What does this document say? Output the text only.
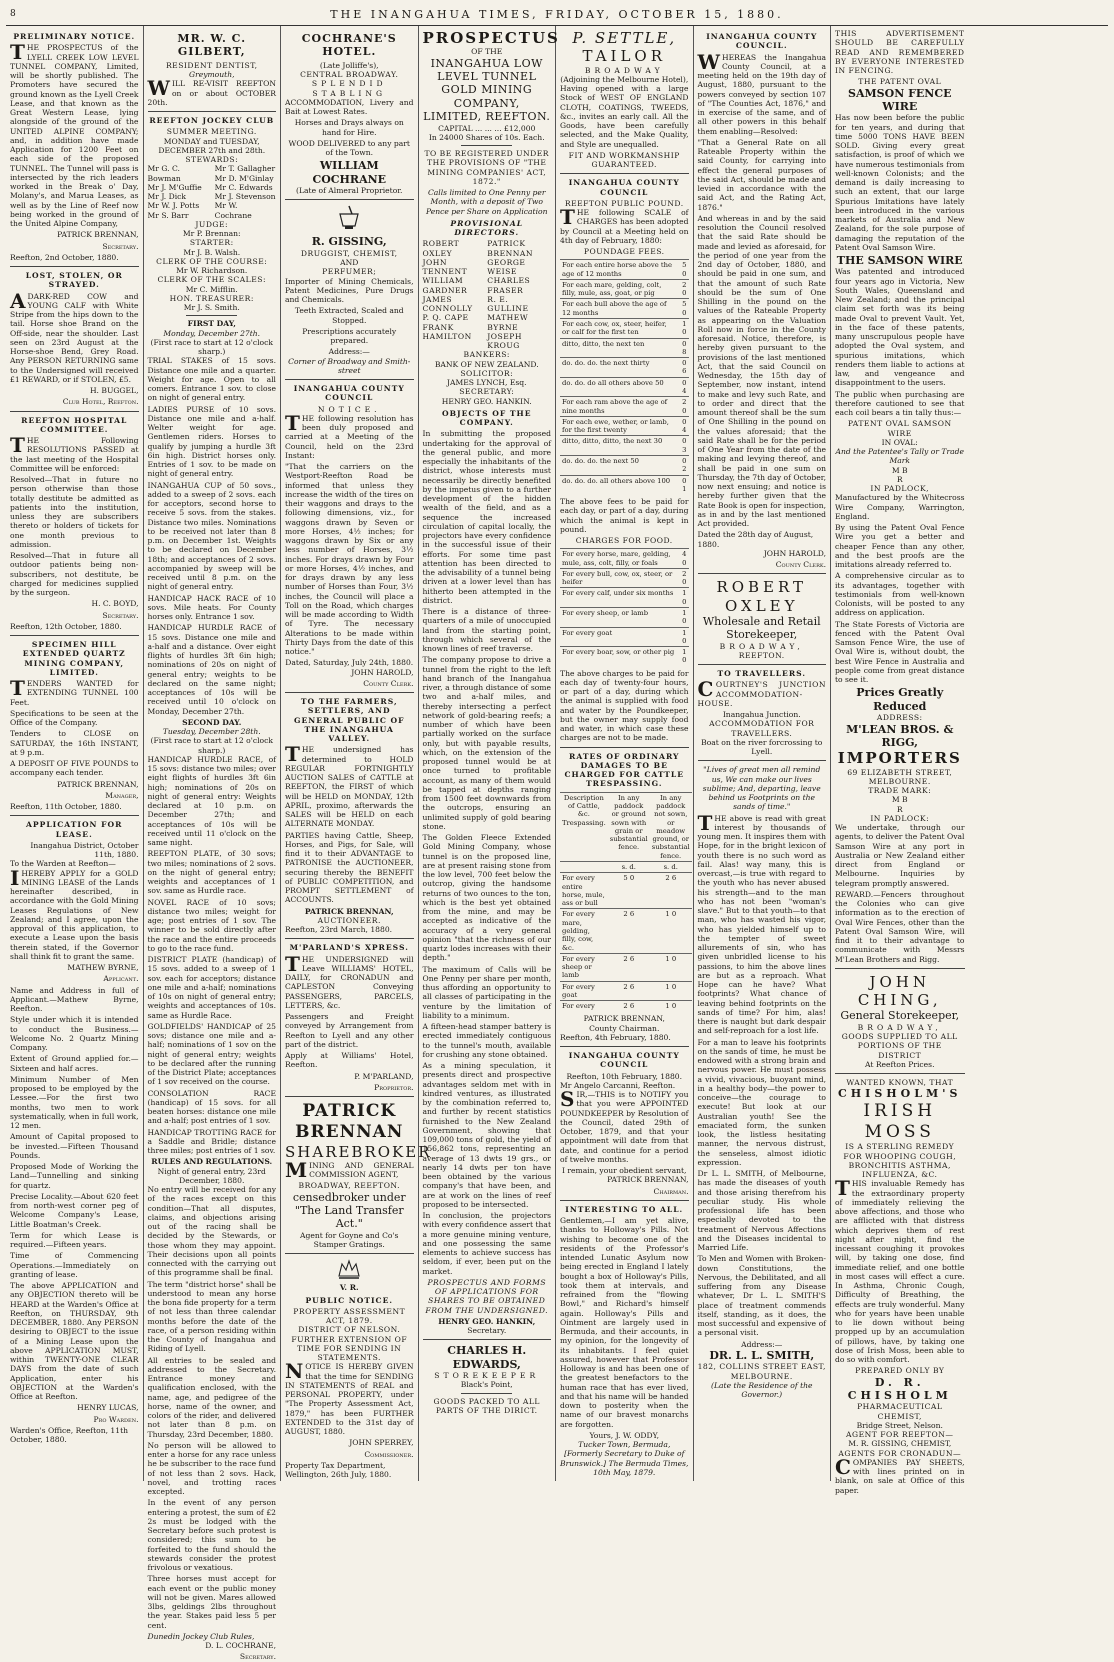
8	THE INANGAHUA TIMES, FRIDAY, OCTOBER 15, 1880.
PRELIMINARY NOTICE.

THE PROSPECTUS of the LYELL CREEK LOW LEVEL TUNNEL COMPANY, Limited, will be shortly published. The Promoters have secured the ground known as the Lyell Creek Lease, and that known as the Great Western Lease, lying alongside of the ground of the UNITED ALPINE COMPANY; and, in addition have made Application for 1200 Feet on each side of the proposed TUNNEL. The Tunnel will pass is intersected by the rich leaders worked in the Break o' Day, Molany's, and Marua Leases, as well as by the Line of Reef now being worked in the ground of the United Alpine Company,

PATRICK BRENNAN,
Secretary.
Reefton, 2nd October, 1880.
LOST, STOLEN, OR STRAYED.

ADARK-RED COW and YOUNG CALF with White Stripe from the hips down to the tail. Horse shoe Brand on the Off-side, near the shoulder. Last seen on 23rd August at the Horse-shoe Bend, Grey Road. Any PERSON RETURNING same to the Undersigned will received £1 REWARD, or if STOLEN, £5.

H. BUGGEL,
Club Hotel, Reefton.
REEFTON HOSPITAL COMMITTEE.

THE Following RESOLUTIONS PASSED at the last meeting of the Hospital Committee will be enforced:

Resolved—That in future no person otherwise than those totally destitute be admitted as patients into the institution, unless they are subscribers thereto or holders of tickets for one month previous to admission.

Resolved—That in future all outdoor patients being non-subscribers, not destitute, be charged for medicines supplied by the surgeon.

H. C. BOYD,
Secretary.
Reefton, 12th October, 1880.
SPECIMEN HILL EXTENDED QUARTZ MINING COMPANY, LIMITED.

TENDERS WANTED for EXTENDING TUNNEL 100 Feet.

Specifications to be seen at the Office of the Company.

Tenders to CLOSE on SATURDAY, the 16th INSTANT, at 9 p.m.

A DEPOSIT OF FIVE POUNDS to accompany each tender.

PATRICK BRENNAN,
Manager,
Reefton, 11th October, 1880.
APPLICATION FOR LEASE.
Inangahua District, October 11th, 1880.
To the Warden at Reefton—

IHEREBY APPLY for a GOLD MINING LEASE of the Lands hereinafter described, in accordance with the Gold Mining Leases Regulations of New Zealand; and I agree, upon the approval of this application, to execute a Lease upon the basis therein stated, if the Governor shall think fit to grant the same.

MATHEW BYRNE,
Applicant.

Name and Address in full of Applicant.—Mathew Byrne, Reefton.

Style under which it is intended to conduct the Business.—Welcome No. 2 Quartz Mining Company.

Extent of Ground applied for.—Sixteen and half acres.

Minimum Number of Men proposed to be employed by the Lessee.—For the first two months, two men to work systematically, when in full work, 12 men.

Amount of Capital proposed to be invested.—Fifteen Thousand Pounds.

Proposed Mode of Working the Land—Tunnelling and sinking for quartz.

Precise Locality.—About 620 feet from north-west corner peg of Welcome Company's Lease, Little Boatman's Creek.

Term for which Lease is required.—Fifteen years.

Time of Commencing Operations.—Immediately on granting of lease.

The above APPLICATION and any OBJECTION thereto will be HEARD at the Warden's Office at Reefton, on THURSDAY, 9th DECEMBER, 1880. Any PERSON desiring to OBJECT to the issue of a Mining Lease upon the above APPLICATION MUST, within TWENTY-ONE CLEAR DAYS from the date of such Application, enter his OBJECTION at the Warden's Office at Reefton.

HENRY LUCAS,
Pro Warden.
Warden's Office, Reefton, 11th October, 1880.
MR. W. C. GILBERT,
RESIDENT DENTIST,
Greymouth,

WILL RE-VISIT REEFTON on or about OCTOBER 20th.

REEFTON JOCKEY CLUB
SUMMER MEETING.
MONDAY and TUESDAY, DECEMBER 27th and 28th.
STEWARDS:
Mr G. C. Bowman
Mr J. M'Guffie
Mr J. Dick
Mr W. J. Potts
Mr S. Barr
Mr T. Gallagher
Mr D. M'Ginlay
Mr C. Edwards
Mr J. Stevenson
Mr W. Cochrane
JUDGE:
Mr P. Brennan:
STARTER:
Mr J. B. Walsh.
CLERK OF THE COURSE:
Mr W. Richardson.
CLERK OF THE SCALES:
Mr C. Mifflin.
HON. TREASURER:
Mr J. S. Smith.
FIRST DAY,
Monday, December 27th.
(First race to start at 12 o'clock sharp.)

TRIAL STAKES of 15 sovs. Distance one mile and a quarter. Weight for age. Open to all comers. Entrance 1 sov. to close on night of general entry.

LADIES PURSE of 10 sovs. Distance one mile and a-half. Welter weight for age. Gentlemen riders. Horses to qualify by jumping a hurdle 3ft 6in high. District horses only. Entries of 1 sov. to be made on night of general entry.

INANGAHUA CUP of 50 sovs., added to a sweep of 2 sovs. each for acceptors, second horse to receive 5 sovs. from the stakes. Distance two miles. Nominations to be received not later than 8 p.m. on December 1st. Weights to be declared on December 18th; and acceptances of 2 sovs. accompanied by sweep will be received until 8 p.m. on the night of general entry.

HANDICAP HACK RACE of 10 sovs. Mile heats. For County horses only. Entrance 1 sov.

HANDICAP HURDLE RACE of 15 sovs. Distance one mile and a-half and a distance. Over eight flights of hurdles 3ft 6in high; nominations of 20s on night of general entry; weights to be declared on the same night; acceptances of 10s will be received until 10 o'clock on Monday, December 27th.

SECOND DAY.
Tuesday, December 28th.
(First race to start at 12 o'clock sharp.)

HANDICAP HURDLE RACE, of 15 sovs: distance two miles; over eight flights of hurdles 3ft 6in high; nominations of 20s on night of general entry: Weights declared at 10 p.m. on December 27th; and acceptances of 10s will be received until 11 o'clock on the same night.

REEFTON PLATE, of 30 sovs; two miles; nominations of 2 sovs. on the night of general entry; weights and acceptances of 1 sov. same as Hurdle race.

NOVEL RACE of 10 sovs; distance two miles; weight for age; post entries of 1 sov. The winner to be sold directly after the race and the entire proceeds to go to the race fund.

DISTRICT PLATE (handicap) of 15 sovs. added to a sweep of 1 sov. each for acceptors; distance one mile and a-half; nominations of 10s on night of general entry; weights and acceptances of 10s. same as Hurdle Race.

GOLDFIELDS' HANDICAP of 25 sovs; distance one mile and a-half; nominations of 1 sov on the night of general entry; weights to be declared after the running of the District Plate; acceptances of 1 sov received on the course.

CONSOLATION RACE (handicap) of 15 sovs. for all beaten horses: distance one mile and a-half; post entries of 1 sov.

HANDICAP TROTTING RACE for a Saddle and Bridle; distance three miles; post entries of 1 sov.

RULES AND REGULATIONS.
Night of general entry, 23rd December, 1880.

No entry will be received for any of the races except on this condition—That all disputes, claims, and objections arising out of the racing shall be decided by the Stewards, or those whom they may appoint. Their decisions upon all points connected with the carrying out of this programme shall be final.

The term "district horse" shall be understood to mean any horse the bona fide property for a term of not less than three calendar months before the date of the race, of a person residing within the County of Inangahua and Riding of Lyell.

All entries to be sealed and addressed to the Secretary. Entrance money and qualification enclosed, with the name, age, and pedigree of the horse, name of the owner, and colors of the rider, and delivered not later than 8 p.m. on Thursday, 23rd December, 1880.

No person will be allowed to enter a horse for any race unless he be subscriber to the race fund of not less than 2 sovs. Hack, novel, and trotting races excepted.

In the event of any person entering a protest, the sum of £2 2s must be lodged with the Secretary before such protest is considered; this sum to be forfeited to the fund should the stewards consider the protest frivolous or vexatious.

Three horses must accept for each event or the public money will not be given. Mares allowed 3lbs, geldings 2lbs throughout the year. Stakes paid less 5 per cent.

Dunedin Jockey Club Rules,
D. L. COCHRANE,
Secretary.
COCHRANE'S HOTEL.
(Late Jolliffe's),
CENTRAL BROADWAY.
SPLENDID STABLING

ACCOMMODATION, Livery and Bait at Lowest Rates.

Horses and Drays always on hand for Hire.

WOOD DELIVERED to any part of the Town.

WILLIAM COCHRANE
(Late of Almeral Proprietor.
R. GISSING,
DRUGGIST, CHEMIST,
AND
PERFUMER;

Importer of Mining Chemicals, Patent Medicines, Pure Drugs and Chemicals.

Teeth Extracted, Scaled and Stopped.

Prescriptions accurately prepared.

Address:—
Corner of Broadway and Smith-street
INANGAHUA COUNTY COUNCIL
NOTICE.

THE following resolution has been duly proposed and carried at a Meeting of the Council, held on the 23rd Instant:

"That the carriers on the Westport-Reefton Road be informed that unless they increase the width of the tires on their waggons and drays to the following dimensions, viz., for waggons drawn by Seven or more Horses, 4½ inches; for waggons drawn by Six or any less number of Horses, 3½ inches. For drays drawn by Four or more Horses, 4½ inches, and for drays drawn by any less number of Horses than Four, 3½ inches, the Council will place a Toll on the Road, which charges will be made according to Width of Tyre. The necessary Alterations to be made within Thirty Days from the date of this notice."

Dated, Saturday, July 24th, 1880.
JOHN HAROLD,
County Clerk.
TO THE FARMERS, SETTLERS, AND GENERAL PUBLIC OF THE INANGAHUA VALLEY.

THE undersigned has determined to HOLD REGULAR FORTNIGHTLY AUCTION SALES of CATTLE at REEFTON, the FIRST of which will be HELD on MONDAY, 12th APRIL, proximo, afterwards the SALES will be HELD on each ALTERNATE MONDAY.

PARTIES having Cattle, Sheep, Horses, and Pigs, for Sale, will find it to their ADVANTAGE to PATRONISE the AUCTIONEER, securing thereby the BENEFIT of PUBLIC COMPETITION, and PROMPT SETTLEMENT of ACCOUNTS.

PATRICK BRENNAN,
AUCTIONEER.
Reefton, 23rd March, 1880.
M'PARLAND'S XPRESS.

THE UNDERSIGNED will Leave WILLIAMS' HOTEL, DAILY, for CRONADUN and CAPLESTON Conveying PASSENGERS, PARCELS, LETTERS, &c.

Passengers and Freight conveyed by Arrangement from Reefton to Lyell and any other part of the district.

Apply at Williams' Hotel, Reefton.

P. M'PARLAND,
Proprietor.
PATRICK BRENNAN
SHAREBROKER

MINING AND GENERAL COMMISSION AGENT,

BROADWAY, REEFTON.
censedbroker under "The Land Transfer Act."

Agent for Goyne and Co's Stamper Gratings.

V. R.
PUBLIC NOTICE.
PROPERTY ASSESSMENT ACT, 1879.
DISTRICT OF NELSON.
FURTHER EXTENSION OF TIME FOR SENDING IN STATEMENTS.

NOTICE IS HEREBY GIVEN that the time for SENDING IN STATEMENTS of REAL and PERSONAL PROPERTY, under "The Property Assessment Act, 1879," has been FURTHER EXTENDED to the 31st day of AUGUST, 1880.

JOHN SPERREY,
Commissioner.
Property Tax Department, Wellington, 26th July, 1880.
PROSPECTUS
OF THE
INANGAHUA LOW LEVEL TUNNEL GOLD MINING COMPANY, LIMITED, REEFTON.
CAPITAL ... ... ... £12,000
In 24000 Shares of 10s. Each.

TO BE REGISTERED UNDER THE PROVISIONS OF "THE MINING COMPANIES' ACT, 1872."

Calls limited to One Penny per Month, with a deposit of Two Pence per Share on Application

PROVISIONAL DIRECTORS.
ROBERT OXLEY
JOHN TENNENT
WILLIAM GARDNER
JAMES CONNOLLY
P. Q. CAPE
FRANK HAMILTON
PATRICK BRENNAN
GEORGE WEISE
CHARLES FRASER
R. E. GULLINE
MATHEW BYRNE
JOSEPH KROUG
BANKERS:
BANK OF NEW ZEALAND.
SOLICITOR:
JAMES LYNCH, Esq.
SECRETARY:
HENRY GEO. HANKIN.
OBJECTS OF THE COMPANY.

In submitting the proposed undertaking for the approval of the general public, and more especially the inhabitants of the district, whose interests must necessarily be directly benefited by the impetus given to a further development of the hidden wealth of the field, and as a sequence the increased circulation of capital locally, the projectors have every confidence in the successful issue of their efforts. For some time past attention has been directed to the advisability of a tunnel being driven at a lower level than has hitherto been attempted in the district.

There is a distance of three-quarters of a mile of unoccupied land from the starting point, through which several of the known lines of reef traverse.

The company propose to drive a tunnel from the right to the left hand branch of the Inangahua river, a through distance of some two and a-half miles, and thereby intersecting a perfect network of gold-bearing reefs; a number of which have been partially worked on the surface only, but with payable results, which, on the extension of the proposed tunnel would be at once turned to profitable account, as many of them would be tapped at depths ranging from 1500 feet downwards from the outcrops, ensuring an unlimited supply of gold bearing stone.

The Golden Fleece Extended Gold Mining Company, whose tunnel is on the proposed line, are at present raising stone from the low level, 700 feet below the outcrop, giving the handsome returns of two ounces to the ton, which is the best yet obtained from the mine, and may be accepted as indicative of the accuracy of a very general opinion "that the richness of our quartz lodes increases with their depth."

The maximum of Calls will be One Penny per share per month, thus affording an opportunity to all classes of participating in the venture by the limitation of liability to a minimum.

A fifteen-head stamper battery is erected immediately contiguous to the tunnel's mouth, available for crushing any stone obtained.

As a mining speculation, it presents direct and prospective advantages seldom met with in kindred ventures, as illustrated by the combination referred to, and further by recent statistics furnished to the New Zealand Government, showing that 109,000 tons of gold, the yield of 156,862 tons, representing an average of 13 dwts 19 grs., or nearly 14 dwts per ton have been obtained by the various company's that have been, and are at work on the lines of reef proposed to be intersected.

In conclusion, the projectors with every confidence assert that a more genuine mining venture, and one possessing the same elements to achieve success has seldom, if ever, been put on the market.

PROSPECTUS AND FORMS OF APPLICATIONS FOR SHARES TO BE OBTAINED FROM THE UNDERSIGNED.

HENRY GEO. HANKIN,
Secretary.
CHARLES H. EDWARDS,
STOREKEEPER
Black's Point,
GOODS PACKED TO ALL PARTS OF THE DIRICT.
P. SETTLE,
TAILOR
BROADWAY
(Adjoining the Melbourne Hotel),

Having opened with a large Stock of WEST OF ENGLAND CLOTH, COATINGS, TWEEDS, &c., invites an early call. All the Goods, have been carefully selected, and the Make Quality, and Style are unequalled.

FIT AND WORKMANSHIP GUARANTEED.
INANGAHUA COUNTY COUNCIL
REEFTON PUBLIC POUND.

THE following SCALE of CHARGES has been adopted by Council at a Meeting held on 4th day of February, 1880:

POUNDAGE FEES.
For each entire horse above the age of 12 months	5 0
For each mare, gelding, colt, filly, mule, ass, goat, or pig	2 0
For each bull above the age of 12 months	5 0
For each cow, ox, steer, heifer, or calf for the first ten	1 0
ditto, ditto, the next ten	0 8
do. do. do. the next thirty	0 6
do. do. do all others above 50	0 4
For each ram above the age of nine months	2 0
For each ewe, wether, or lamb, for the first twenty	0 4
ditto, ditto, ditto, the next 30	0 3
do. do. do. the next 50	0 2
do. do. do. all others above 100	0 1

The above fees to be paid for each day, or part of a day, during which the animal is kept in pound.

CHARGES FOR FOOD.
For every horse, mare, gelding, mule, ass, colt, filly, or foals	4 0
For every bull, cow, ox, steer, or heifer	2 0
For every calf, under six months	1 0
For every sheep, or lamb	1 0
For every goat	1 0
For every boar, sow, or other pig	1 0

The above charges to be paid for each day of twenty-four hours, or part of a day, during which the animal is supplied with food and water by the Poundkeeper, but the owner may supply food and water, in which case these charges are not to be made.

RATES OF ORDINARY DAMAGES TO BE CHARGED FOR CATTLE TRESPASSING.
Description of Cattle, &c. Trespassing.	In any paddock or ground sown with grain or substantial fence.	In any paddock not sown, or meadow ground, or substantial fence.
	s. d.	s. d.
For every entire horse, mule, ass or bull	5 0	2 6
For every mare, gelding, filly, cow, &c.	2 6	1 0
For every sheep or lamb	2 6	1 0
For every goat	2 6	1 0
For every	2 6	1 0
PATRICK BRENNAN,
County Chairman.
Reefton, 4th February, 1880.
INANGAHUA COUNTY COUNCIL
Reefton, 10th February, 1880.
Mr Angelo Carcanni, Reefton.

SIR,—THIS is to NOTIFY you that you were APPOINTED POUNDKEEPER by Resolution of the Council, dated 29th of October, 1879, and that your appointment will date from that date, and continue for a period of twelve months.

I remain, your obedient servant,
PATRICK BRENNAN,
Chairman.
INTERESTING TO ALL.

Gentlemen,—I am yet alive, thanks to Holloway's Pills. Not wishing to become one of the residents of the Professor's intended Lunatic Asylum now being erected in England I lately bought a box of Holloway's Pills, took them at intervals, and refrained from the "flowing Bowl," and Richard's himself again. Holloway's Pills and Ointment are largely used in Bermuda, and their accounts, in my opinion, for the longevity of its inhabitants. I feel quiet assured, however that Professor Holloway is and has been one of the greatest benefactors to the human race that has ever lived, and that his name will be handed down to posterity when the name of our bravest monarchs are forgotten.

Yours, J. W. ODDY,
Tucker Town, Bermuda, [Formerly Secretary to Duke of Brunswick.] The Bermuda Times, 10th May, 1879.
INANGAHUA COUNTY COUNCIL.

WHEREAS the Inangahua County Council, at a meeting held on the 19th day of August, 1880, pursuant to the powers conveyed by section 107 of "The Counties Act, 1876," and in exercise of the same, and of all other powers in this behalf them enabling—Resolved:

"That a General Rate on all Rateable Property within the said County, for carrying into effect the general purposes of the said Act, should be made and levied in accordance with the said Act, and the Rating Act, 1876."

And whereas in and by the said resolution the Council resolved that the said Rate should be made and levied as aforesaid, for the period of one year from the 2nd day of October, 1880, and should be paid in one sum, and that the amount of such Rate should be the sum of One Shilling in the pound on the values of the Rateable Property as appearing on the Valuation Roll now in force in the County aforesaid. Notice, therefore, is hereby given pursuant to the provisions of the last mentioned Act, that the said Council on Wednesday, the 15th day of September, now instant, intend to make and levy such Rate, and to order and direct that the amount thereof shall be the sum of One Shilling in the pound on the values aforesaid; that the said Rate shall be for the period of One Year from the date of the making and levying thereof, and shall be paid in one sum on Thursday, the 7th day of October, now next ensuing; and notice is hereby further given that the Rate Book is open for inspection, as in and by the last mentioned Act provided.

Dated the 28th day of August, 1880.
JOHN HAROLD,
County Clerk.
ROBERT OXLEY
Wholesale and Retail Storekeeper,
BROADWAY,
REEFTON.
TO TRAVELLERS.

COURTNEY'S JUNCTION ACCOMMODATION-HOUSE.

Inangahua Junction.
ACCOMMODATION FOR TRAVELLERS.
Boat on the river forcrossing to Lyell.

"Lives of great men all remind us, We can make our lives sublime; And, departing, leave behind us Footprints on the sands of time."

THE above is read with great interest by thousands of young men. It inspires them with Hope, for in the bright lexicon of youth there is no such word as fail. Alas! way many, this is overcast,—is true with regard to the youth who has never abused his strength—and to the man who has not been "woman's slave." But to that youth—to that man, who has wasted his vigor, who has yielded himself up to the tempter of sweet allurements of sin, who has given unbridled license to his passions, to him the above lines are but as a reproach. What Hope can he have? What footprints? What chance of leaving behind footprints on the sands of time? For him, alas! there is naught but dark despair and self-reproach for a lost life.

For a man to leave his footprints on the sands of time, he must be endowed with a strong brain and nervous power. He must possess a vivid, vivacious, buoyant mind, in a healthy body—the power to conceive—the courage to execute! But look at our Australian youth! See the emaciated form, the sunken look, the listless hesitating manner, the nervous distrust, the senseless, almost idiotic expression.

Dr L. L. SMITH, of Melbourne, has made the diseases of youth and those arising therefrom his peculiar study. His whole professional life has been especially devoted to the treatment of Nervous Affections and the Diseases incidental to Married Life.

To Men and Women with Broken-down Constitutions, the Nervous, the Debilitated, and all suffering from any Disease whatever, Dr L. L. SMITH'S place of treatment commends itself, standing, as it does, the most successful and expensive of a personal visit.

Address:—
DR. L. L. SMITH,
182, COLLINS STREET EAST, MELBOURNE.
(Late the Residence of the Governor.)

THIS ADVERTISEMENT SHOULD BE CAREFULLY READ AND REMEMBERED BY EVERYONE INTERESTED IN FENCING.

THE PATENT OVAL
SAMSON FENCE WIRE

Has now been before the public for ten years, and during that time 5000 TONS HAVE BEEN SOLD. Giving every great satisfaction, is proof of which we have numerous testimonials from well-known Colonists; and the demand is daily increasing to such an extent, that our large Spurious Imitations have lately been introduced in the various markets of Australia and New Zealand, for the sole purpose of damaging the reputation of the Patent Oval Samson Wire.

THE SAMSON WIRE

Was patented and introduced four years ago in Victoria, New South Wales, Queensland and New Zealand; and the principal claim set forth was its being made Oval to prevent Vault. Yet, in the face of these patents, many unscrupulous people have adopted the Oval system, and spurious imitations, which renders them liable to actions at law, and vengeance and disappointment to the users.

The public when purchasing are therefore cautioned to see that each coil bears a tin tally thus:—

PATENT OVAL SAMSON WIRE
IN OVAL:
And the Patentee's Tally or Trade Mark
M B
R
IN PADLOCK,

Manufactured by the Whitecross Wire Company, Warrington, England.

By using the Patent Oval Fence Wire you get a better and cheaper Fence than any other, and the best proofs are the imitations already referred to.

A comprehensive circular as to its advantages, together with testimonials from well-known Colonists, will be posted to any address on application.

The State Forests of Victoria are fenced with the Patent Oval Samson Fence Wire, the use of Oval Wire is, without doubt, the best Wire Fence in Australia and people come from great distance to see it.

Prices Greatly Reduced
ADDRESS:
M'LEAN BROS. & RIGG,
IMPORTERS
69 ELIZABETH STREET, MELBOURNE.
TRADE MARK:
M B
R
IN PADLOCK:

We undertake, through our agents, to deliver the Patent Oval Samson Wire at any port in Australia or New Zealand either direct from England or Melbourne. Inquiries by telegram promptly answered.

REWARD.—Fencers throughout the Colonies who can give information as to the erection of Oval Wire Fences, other than the Patent Oval Samson Wire, will find it to their advantage to communicate with Messrs M'Lean Brothers and Rigg.

JOHN CHING,
General Storekeeper,
BROADWAY,
GOODS SUPPLIED TO ALL PORTIONS OF THE DISTRICT
At Reefton Prices.
WANTED KNOWN, THAT
CHISHOLM'S
IRISH MOSS
IS A STERLING REMEDY FOR WHOOPING COUGH, BRONCHITIS ASTHMA, INFLUENZA, &C.

THIS invaluable Remedy has the extraordinary property of immediately relieving the above affections, and those who are afflicted with that distress which deprives them of rest night after night, find the incessant coughing it provokes will, by taking one dose, find immediate relief, and one bottle in most cases will effect a cure. In Asthma, Chronic Cough, Difficulty of Breathing, the effects are truly wonderful. Many who for years have been unable to lie down without being propped up by an accumulation of pillows, have, by taking one dose of Irish Moss, been able to do so with comfort.

PREPARED ONLY BY
D. R. CHISHOLM
PHARMACEUTICAL CHEMIST,
Bridge Street, Nelson.
AGENT FOR REEFTON—
M. R. GISSING, CHEMIST,
AGENTS FOR CRONADUN—

COMPANIES PAY SHEETS, with lines printed on in blank, on sale at Office of this paper.
